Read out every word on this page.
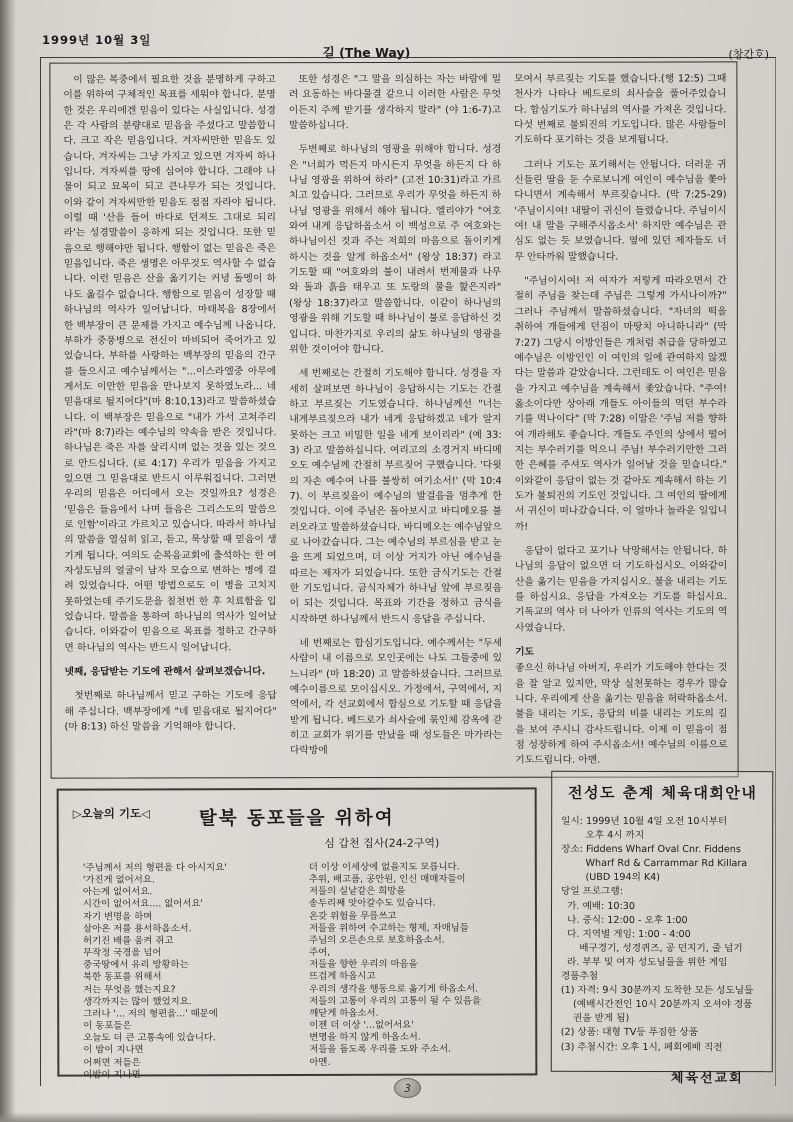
1999년 10월 3일
길 (The Way)	(창간호)

이 많은 복중에서 필요한 것을 분명하게 구하고 이를 위하여 구체적인 목표를 세워야 합니다. 분명한 것은 우리에겐 믿음이 있다는 사실입니다. 성경은 각 사람의 분량대로 믿음을 주셨다고 말씀합니다. 크고 작은 믿음입니다. 겨자씨만한 믿음도 있습니다. 겨자씨는 그냥 가지고 있으면 겨자씨 하나입니다. 겨자씨를 땅에 심어야 합니다. 그래야 나물이 되고 묘목이 되고 큰나무가 되는 것입니다. 이와 같이 겨자씨만한 믿음도 점점 자라야 됩니다. 이럴 때 '산을 들어 바다로 던져도 그대로 되리라'는 성경말씀이 응하게 되는 것입니다. 또한 믿음으로 행해야만 됩니다. 행함이 없는 믿음은 죽은 믿음입니다. 죽은 생명은 아무것도 역사할 수 없습니다. 이런 믿음은 산을 옮기기는 커녕 돌멩이 하나도 옮길수 없습니다. 행함으로 믿음이 성장할 때 하나님의 역사가 일어납니다. 마태복음 8장에서 한 백부장이 큰 문제를 가지고 예수님께 나옵니다. 부하가 중풍병으로 전신이 마비되어 죽어가고 있었습니다. 부하를 사랑하는 백부장의 믿음의 간구를 들으시고 예수님께서는 "...이스라엘중 아무에게서도 이만한 믿음을 만나보지 못하였노라... 네 믿음대로 될지어다"(마 8:10,13)라고 말씀하셨습니다. 이 백부장은 믿음으로 "내가 가서 고쳐주리라"(마 8:7)라는 예수님의 약속을 받은 것입니다. 하나님은 죽은 자를 살리시며 없는 것을 있는 것으로 만드십니다. (로 4:17) 우리가 믿음을 가지고 있으면 그 믿음대로 반드시 이루워집니다. 그러면 우리의 믿음은 어디에서 오는 것일까요? 성경은 '믿음은 들음에서 나며 들음은 그리스도의 말씀으로 인함'이라고 가르치고 있습니다. 따라서 하나님의 말씀을 열심히 읽고, 듣고, 묵상할 때 믿음이 생기게 됩니다. 여의도 순복음교회에 출석하는 한 여자성도님의 얼굴이 남자 모습으로 변하는 병에 걸려 있었습니다. 어떤 방법으로도 이 병을 고치지 못하였는데 주기도문을 칠천번 한 후 치료함을 입었습니다. 말씀을 통하여 하나님의 역사가 일어났습니다. 이와같이 믿음으로 목표를 정하고 간구하면 하나님의 역사는 반드시 일어납니다.

넷째, 응답받는 기도에 관해서 살펴보겠습니다.

첫번째로 하나님께서 믿고 구하는 기도에 응답해 주십니다. 백부장에게 "네 믿음대로 될지어다" (마 8:13) 하신 말씀을 기억해야 합니다.

또한 성경은 "그 말을 의심하는 자는 바람에 밀려 요동하는 바다물결 같으니 이러한 사람은 무엇이든지 주께 받기를 생각하지 말라" (야 1:6-7)고 말씀하십니다.

두번째로 하나님의 영광을 위해야 합니다. 성경은 "너희가 먹든지 마시든지 무엇을 하든지 다 하나님 영광을 위하여 하라" (고전 10:31)라고 가르치고 있습니다. 그러므로 우리가 무엇을 하든지 하나님 영광을 위해서 해야 됩니다. 엘리야가 "여호와여 내게 응답하옵소서 이 백성으로 주 여호와는 하나님이신 것과 주는 저희의 마음으로 돌이키게 하시는 것을 알게 하옵소서" (왕상 18:37) 라고 기도할 때 "여호와의 불이 내려서 번제물과 나무와 돌과 흙을 태우고 또 도랑의 물을 핥은지라" (왕상 18:37)라고 말씀합니다. 이같이 하나님의 영광을 위해 기도할 때 하나님이 불로 응답하신 것입니다. 마찬가지로 우리의 삶도 하나님의 영광을 위한 것이어야 합니다.

세 번째로는 간절히 기도해야 합니다. 성경을 자세히 살펴보면 하나님이 응답하시는 기도는 간절하고 부르짖는 기도였습니다. 하나님께선 "너는 내게부르짖으라 내가 네게 응답하겠고 네가 알지못하는 크고 비밀한 일을 네게 보이리라" (예 33:3) 라고 말씀하십니다. 여리고의 소경거지 바디메오도 예수님께 간절히 부르짖어 구했습니다. '다윗의 자손 예수여 나를 불쌍히 여기소서!' (막 10:47). 이 부르짖음이 예수님의 발걸음을 멈추게 한 것입니다. 이에 주님은 돌아보시고 바디메오를 불러오라고 말씀하셨습니다. 바디메오는 예수님앞으로 나아갔습니다. 그는 예수님의 부르심을 받고 눈을 뜨게 되었으며, 더 이상 거지가 아닌 예수님을 따르는 제자가 되었습니다. 또한 금식기도는 간절한 기도입니다. 금식자체가 하나님 앞에 부르짖음이 되는 것입니다. 목표와 기간을 정하고 금식을 시작하면 하나님께서 반드시 응답을 주십니다.

네 번째로는 합심기도입니다. 예수께서는 "두세사람이 내 이름으로 모인곳에는 나도 그들중에 있느니라" (마 18:20) 고 말씀하셨습니다. 그러므로 예수이름으로 모이십시오. 가정에서, 구역에서, 지역에서, 각 선교회에서 합심으로 기도할 때 응답을 받게 됩니다. 베드로가 쇠사슬에 묶인체 감옥에 갇히고 교회가 위기를 만났을 때 성도들은 마가라는 다락방에

모여서 부르짖는 기도를 했습니다.(행 12:5) 그때 천사가 나타나 베드로의 쇠사슬을 풀어주었습니다. 합심기도가 하나님의 역사를 가져온 것입니다. 다섯 번째로 불퇴진의 기도입니다. 많은 사람들이 기도하다 포기하는 것을 보게됩니다.

그러나 기도는 포기해서는 안됩니다. 더러운 귀신들린 딸을 둔 수로보니게 여인이 예수님을 쫓아다니면서 계속해서 부르짖습니다. (막 7:25-29) '주님이시여! 내딸이 귀신이 들렸습니다. 주님이시여! 내 말을 구해주시옵소서' 하지만 예수님은 관심도 없는 듯 보였습니다. 옆에 있던 제자들도 너무 안타까워 말했습니다.

"주님이시여! 저 여자가 저렇게 따라오면서 간절히 주님을 찾는데 주님은 그렇게 가시나이까?" 그러나 주님께서 말씀하셨습니다. "자녀의 떡을 취하여 개들에게 던짐이 마땅치 아니하니라" (막 7:27) 그당시 이방인들은 개처럼 취급을 당하였고 예수님은 이방인인 이 여인의 일에 관여하지 않겠다는 말씀과 같았습니다. 그런데도 이 여인은 믿음을 가지고 예수님을 계속해서 좇았습니다. "주여! 옳소이다만 상아래 개들도 아이들의 먹던 부수라기를 먹나이다" (막 7:28) 이말은 '주님 저를 향하여 개라해도 좋습니다. 개들도 주인의 상에서 떨어지는 부수러기를 먹으니 주님! 부수러기만한 그러한 은혜를 주셔도 역사가 일어날 것을 믿습니다." 이와같이 응답이 없는 것 같아도 계속해서 하는 기도가 불퇴진의 기도인 것입니다. 그 여인의 딸에게서 귀신이 떠나갔습니다. 이 얼마나 놀라운 일입니까!

응답이 없다고 포기나 낙망해서는 안됩니다. 하나님의 응답이 없으면 더 기도하십시오. 이와같이 산을 옮기는 믿음을 가지십시오. 불을 내리는 기도를 하십시요. 응답을 가져오는 기도를 하십시요. 기독교의 역사 더 나아가 인류의 역사는 기도의 역사였습니다.

기도

좋으신 하나님 아버지, 우리가 기도해야 한다는 것을 잘 알고 있지만, 막상 실천못하는 경우가 많습니다. 우리에게 산을 옮기는 믿음을 허락하옵소서. 불을 내리는 기도, 응답의 비를 내리는 기도의 길을 보여 주시니 감사드립니다. 이제 이 믿음이 점점 성장하게 하여 주시옵소서! 예수님의 이름으로 기도드립니다. 아멘.

▷오늘의 기도◁	탈북 동포들을 위하여
심 갑천 집사(24-2구역)
'주님께서 저의 형편을 다 아시지요'
'가진게 없어서요.
아는게 없어서요.
시간이 없어서요.... 없어서요'
자기 변명을 하며
살아온 저를 용서하옵소서.
허기진 배를 움켜 쥐고
무작정 국경을 넘어
중국땅에서 유리 방황하는
북한 동포를 위해서
저는 무엇을 했는지요?
생각까지는 많이 했었지요.
그러나 '... 저의 형편을...' 때문에
이 동포들은
오늘도 더 큰 고통속에 있습니다.
이 밤이 지나면
어쩌면 저들은
이밤이 지나면
더 이상 이세상에 없을지도 모릅니다.
추위, 배고픔, 공안원, 인신 매매자들이
저들의 실낱같은 희망을
송두리째 앗아갈수도 있습니다.
온갖 위험을 무릅쓰고
저들을 위하여 수고하는 형제, 자매님들
주님의 오른손으로 보호하옵소서.
주여,
저들을 향한 우리의 마음을
뜨겁게 하옵시고
우리의 생각을 행동으로 옮기게 하옵소서.
저들의 고통이 우리의 고통이 될 수 있음을
깨닫게 하옵소서.
이젠 더 이상 '...없어서요'
변명을 하지 않게 하옵소서.
저들을 돕도록 우리를 도와 주소서.
아멘.
전성도 춘계 체육대회안내
일시: 1999년 10월 4일 오전 10시부터
오후 4시 까지
장소: Fiddens Wharf Oval Cnr. Fiddens
Wharf Rd & Carrammar Rd Killara
(UBD 194의 K4)
당일 프로그램:
가. 예배: 10:30
나. 중식: 12:00 - 오후 1:00
다. 지역별 게임: 1:00 - 4:00
배구경기, 성경퀴즈, 공 던지기, 줄 넘기
라. 부부 및 여자 성도님들을 위한 게임
경품추첨
(1) 자격: 9시 30분까지 도착한 모든 성도님들
(예배시간전인 10시 20분까지 오셔야 경품
권을 받게 됨)
(2) 상품: 대형 TV등 푸짐한 상품
(3) 추첨시간: 오후 1시, 폐회예배 직전
체육선교회
3
